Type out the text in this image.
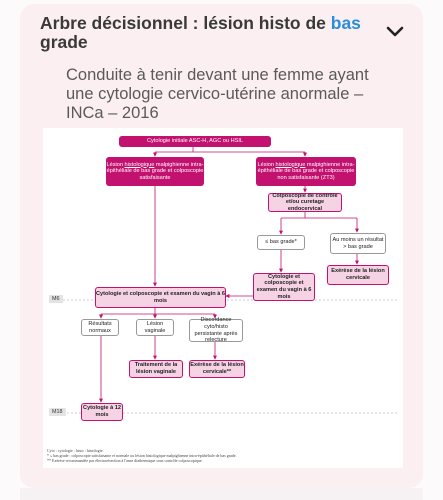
Arbre décisionnel : lésion histo de bas grade
Conduite à tenir devant une femme ayant une cytologie cervico-utérine anormale – INCa – 2016
Cytologie initiale ASC-H, AGC ou HSIL
Lésion histologique malpighienne intra-épithéliale de bas grade et colposcopie satisfaisante
Lésion histologique malpighienne intra-épithéliale de bas grade et colposcopie non satisfaisante (ZT3)
Colposcopie de contrôle et/ou curetage endocervical
≤ bas grade*	Au moins un résultat > bas grade
Exérèse de la lésion cervicale
Cytologie et colposcopie et examen du vagin à 6 mois
M6
Cytologie et colposcopie et examen du vagin à 6 mois
Résultats normaux
Lésion vaginale
Discordance cyto/histo persistante après relecture
Traitement de la lésion vaginale
Exérèse de la lésion cervicale**
M18
Cytologie à 12 mois
Cyto : cytologie ; histo : histologie.
* ≤ bas grade : colposcopie satisfaisante et normale ou lésion histologique malpighienne intra-épithéliale de bas grade.
** Exérèse recommandée par électrorésection à l'anse diathermique sous contrôle colposcopique.
